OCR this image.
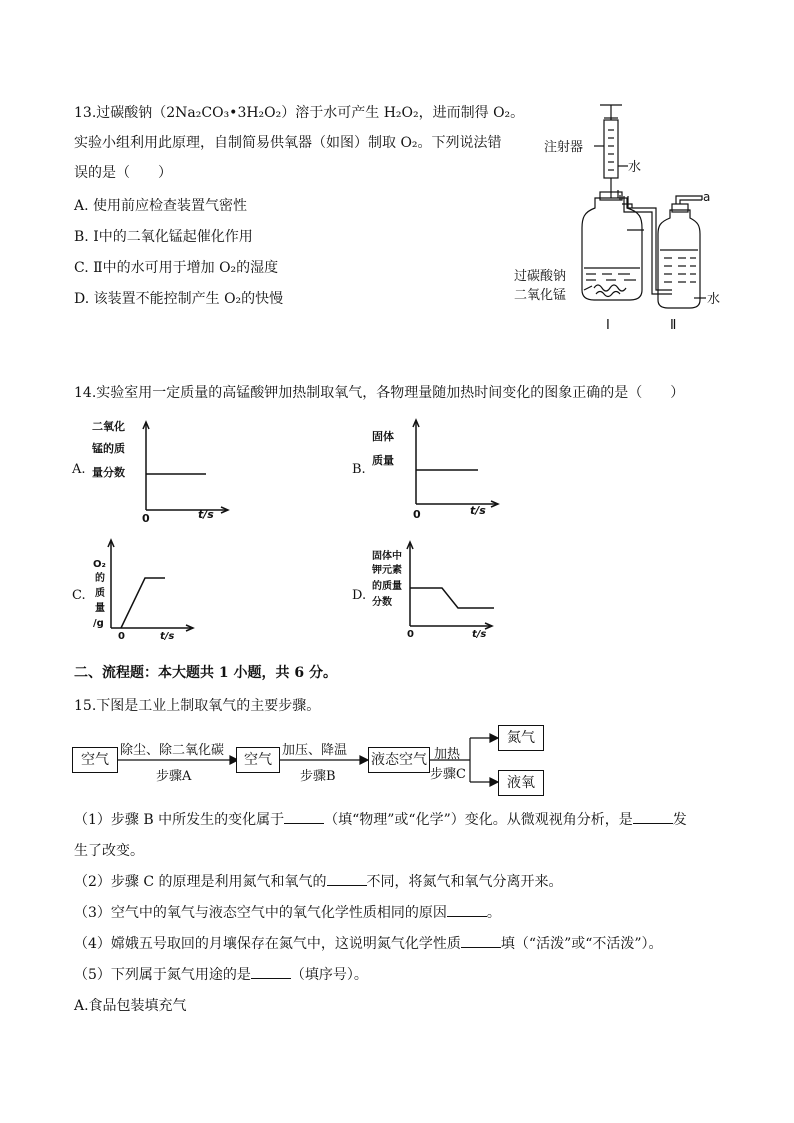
13.过碳酸钠（2Na₂CO₃•3H₂O₂）溶于水可产生 H₂O₂，进而制得 O₂。
实验小组利用此原理，自制简易供氧器（如图）制取 O₂。下列说法错
误的是（　　）
A. 使用前应检查装置气密性
B. Ⅰ中的二氧化锰起催化作用
C. Ⅱ中的水可用于增加 O₂的湿度
D. 该装置不能控制产生 O₂的快慢
注射器
水
a
过碳酸钠
二氧化锰	水
Ⅰ	Ⅱ
14.实验室用一定质量的高锰酸钾加热制取氧气，各物理量随加热时间变化的图象正确的是（　　）
A.
二氧化
锰的质
量分数
0	t/s
B.
固体
质量
0	t/s
C.
O₂
的
质
量
/g
0	t/s
D.
固体中
钾元素
的质量
分数
0	t/s
二、流程题：本大题共 1 小题，共 6 分。
15.下图是工业上制取氧气的主要步骤。
空气
除尘、除二氧化碳
步骤A
空气
加压、降温
步骤B
液态空气 加热
步骤C
氮气
液氧
（1）步骤 B 中所发生的变化属于	（填“物理”或“化学”）变化。从微观视角分析，是	发
生了改变。
（2）步骤 C 的原理是利用氮气和氧气的	不同，将氮气和氧气分离开来。
（3）空气中的氧气与液态空气中的氧气化学性质相同的原因	。
（4）嫦娥五号取回的月壤保存在氮气中，这说明氮气化学性质	填（“活泼”或“不活泼”）。
（5）下列属于氮气用途的是	（填序号）。
A.食品包装填充气
